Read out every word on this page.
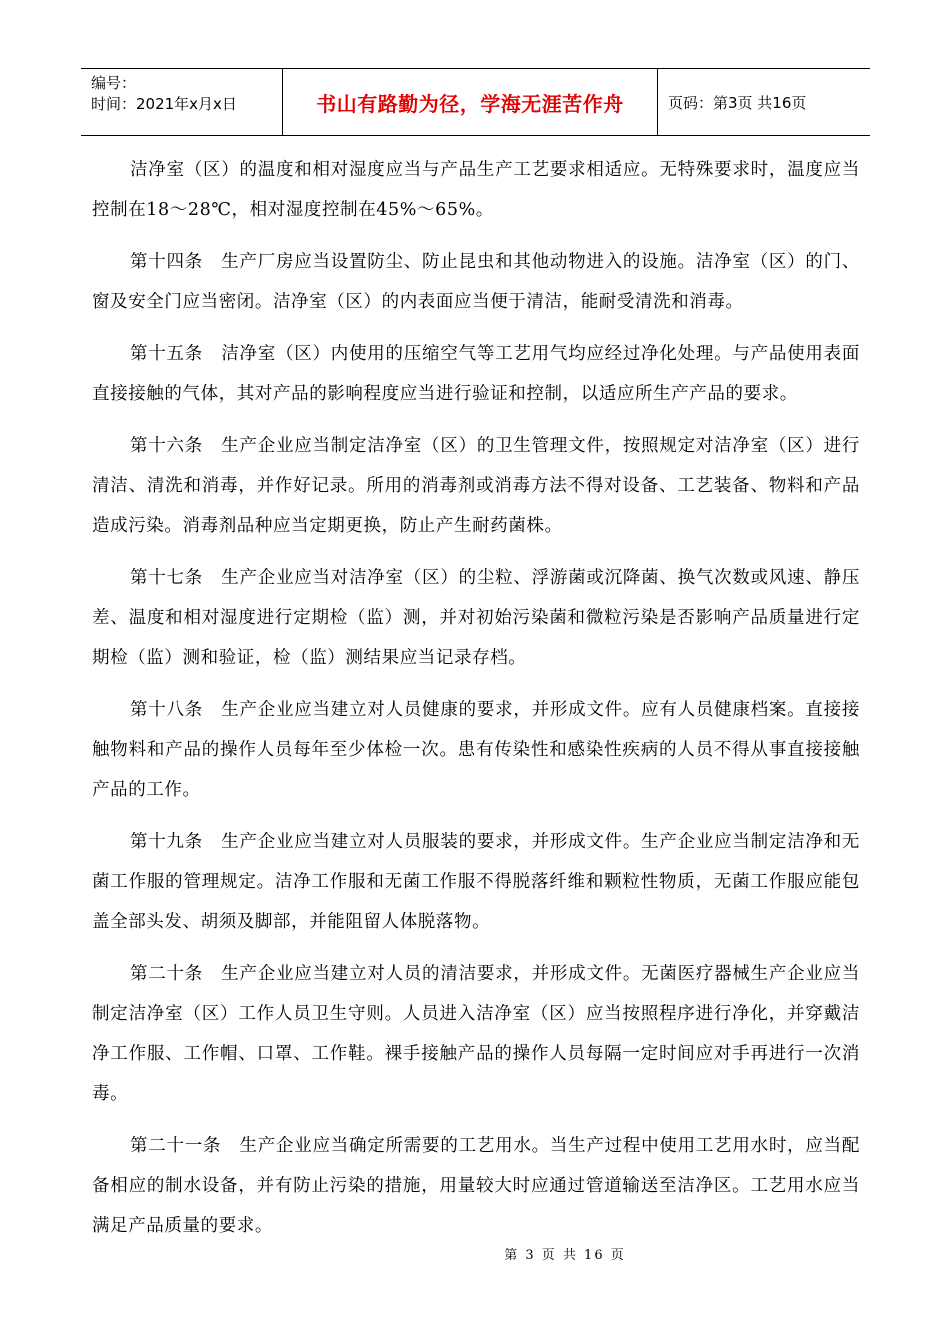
编号：
时间：2021年x月x日	书山有路勤为径，学海无涯苦作舟	页码：第3页 共16页

洁净室（区）的温度和相对湿度应当与产品生产工艺要求相适应。无特殊要求时，温度应当控制在18～28℃，相对湿度控制在45%～65%。

第十四条　生产厂房应当设置防尘、防止昆虫和其他动物进入的设施。洁净室（区）的门、窗及安全门应当密闭。洁净室（区）的内表面应当便于清洁，能耐受清洗和消毒。

第十五条　洁净室（区）内使用的压缩空气等工艺用气均应经过净化处理。与产品使用表面直接接触的气体，其对产品的影响程度应当进行验证和控制，以适应所生产产品的要求。

第十六条　生产企业应当制定洁净室（区）的卫生管理文件，按照规定对洁净室（区）进行清洁、清洗和消毒，并作好记录。所用的消毒剂或消毒方法不得对设备、工艺装备、物料和产品造成污染。消毒剂品种应当定期更换，防止产生耐药菌株。

第十七条　生产企业应当对洁净室（区）的尘粒、浮游菌或沉降菌、换气次数或风速、静压差、温度和相对湿度进行定期检（监）测，并对初始污染菌和微粒污染是否影响产品质量进行定期检（监）测和验证，检（监）测结果应当记录存档。

第十八条　生产企业应当建立对人员健康的要求，并形成文件。应有人员健康档案。直接接触物料和产品的操作人员每年至少体检一次。患有传染性和感染性疾病的人员不得从事直接接触产品的工作。

第十九条　生产企业应当建立对人员服装的要求，并形成文件。生产企业应当制定洁净和无菌工作服的管理规定。洁净工作服和无菌工作服不得脱落纤维和颗粒性物质，无菌工作服应能包盖全部头发、胡须及脚部，并能阻留人体脱落物。

第二十条　生产企业应当建立对人员的清洁要求，并形成文件。无菌医疗器械生产企业应当制定洁净室（区）工作人员卫生守则。人员进入洁净室（区）应当按照程序进行净化，并穿戴洁净工作服、工作帽、口罩、工作鞋。裸手接触产品的操作人员每隔一定时间应对手再进行一次消毒。

第二十一条　生产企业应当确定所需要的工艺用水。当生产过程中使用工艺用水时，应当配备相应的制水设备，并有防止污染的措施，用量较大时应通过管道输送至洁净区。工艺用水应当满足产品质量的要求。

第 3 页 共 16 页
